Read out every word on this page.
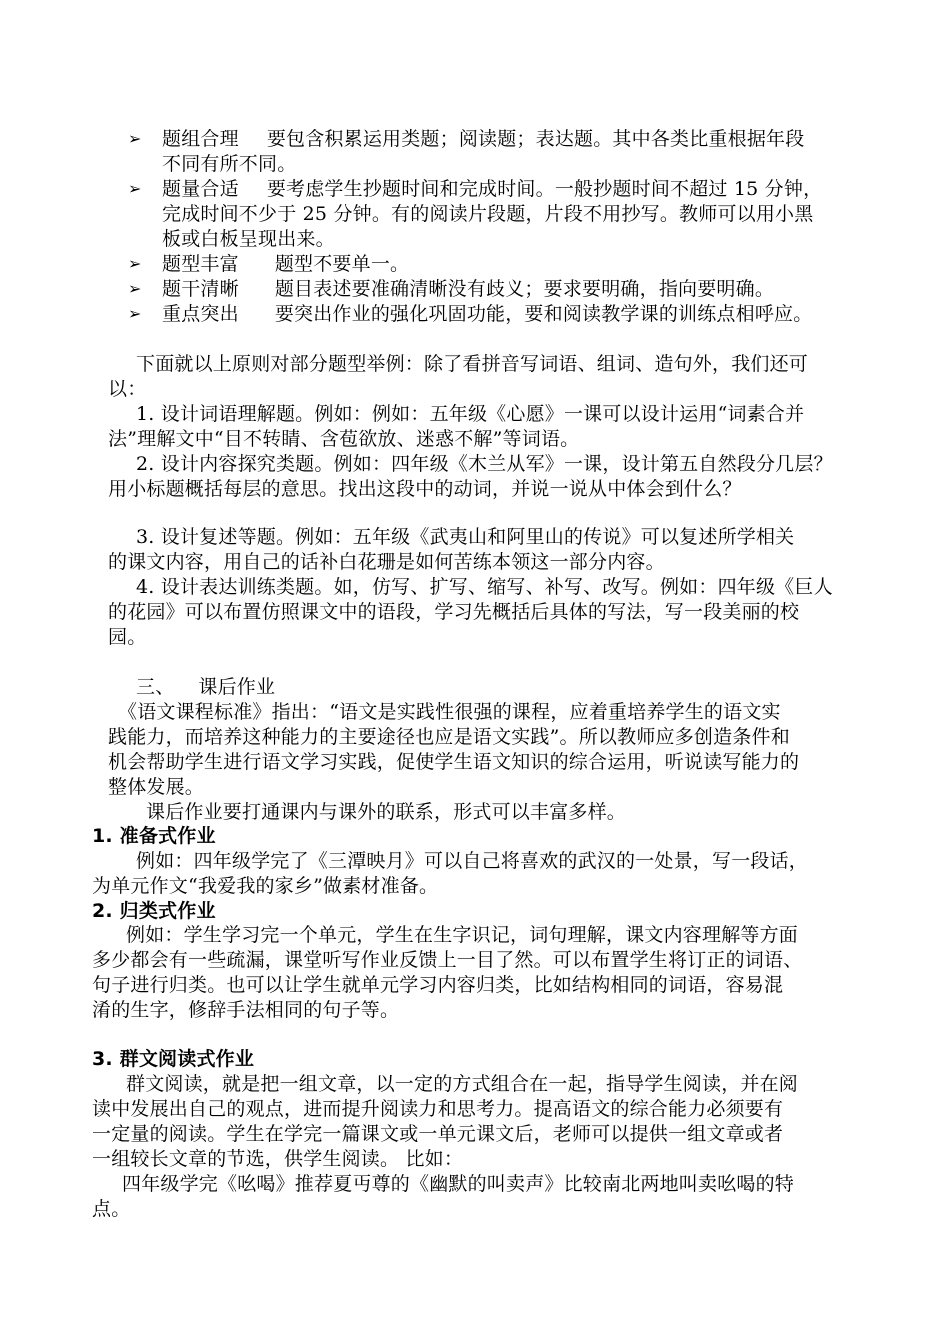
➢ 题组合理 要包含积累运用类题；阅读题；表达题。其中各类比重根据年段
不同有所不同。
➢ 题量合适 要考虑学生抄题时间和完成时间。一般抄题时间不超过 15 分钟，
完成时间不少于 25 分钟。有的阅读片段题，片段不用抄写。教师可以用小黑
板或白板呈现出来。
➢ 题型丰富 题型不要单一。
➢ 题干清晰 题目表述要准确清晰没有歧义；要求要明确，指向要明确。
➢ 重点突出 要突出作业的强化巩固功能，要和阅读教学课的训练点相呼应。
下面就以上原则对部分题型举例：除了看拼音写词语、组词、造句外，我们还可
以：
1. 设计词语理解题。例如：例如：五年级《心愿》一课可以设计运用“词素合并
法”理解文中“目不转睛、含苞欲放、迷惑不解”等词语。
2. 设计内容探究类题。例如：四年级《木兰从军》一课，设计第五自然段分几层？
用小标题概括每层的意思。找出这段中的动词，并说一说从中体会到什么？
3. 设计复述等题。例如：五年级《武夷山和阿里山的传说》可以复述所学相关
的课文内容，用自己的话补白花珊是如何苦练本领这一部分内容。
4. 设计表达训练类题。如，仿写、扩写、缩写、补写、改写。例如：四年级《巨人
的花园》可以布置仿照课文中的语段，学习先概括后具体的写法，写一段美丽的校
园。
三、 课后作业
《语文课程标准》指出：“语文是实践性很强的课程，应着重培养学生的语文实
践能力，而培养这种能力的主要途径也应是语文实践”。所以教师应多创造条件和
机会帮助学生进行语文学习实践，促使学生语文知识的综合运用，听说读写能力的
整体发展。
课后作业要打通课内与课外的联系，形式可以丰富多样。
1. 准备式作业
例如：四年级学完了《三潭映月》可以自己将喜欢的武汉的一处景，写一段话，
为单元作文“我爱我的家乡”做素材准备。
2. 归类式作业
例如：学生学习完一个单元，学生在生字识记，词句理解，课文内容理解等方面
多少都会有一些疏漏，课堂听写作业反馈上一目了然。可以布置学生将订正的词语、
句子进行归类。也可以让学生就单元学习内容归类，比如结构相同的词语，容易混
淆的生字，修辞手法相同的句子等。
3. 群文阅读式作业
群文阅读，就是把一组文章，以一定的方式组合在一起，指导学生阅读，并在阅
读中发展出自己的观点，进而提升阅读力和思考力。提高语文的综合能力必须要有
一定量的阅读。学生在学完一篇课文或一单元课文后，老师可以提供一组文章或者
一组较长文章的节选，供学生阅读。 比如：
四年级学完《吆喝》推荐夏丏尊的《幽默的叫卖声》比较南北两地叫卖吆喝的特
点。
